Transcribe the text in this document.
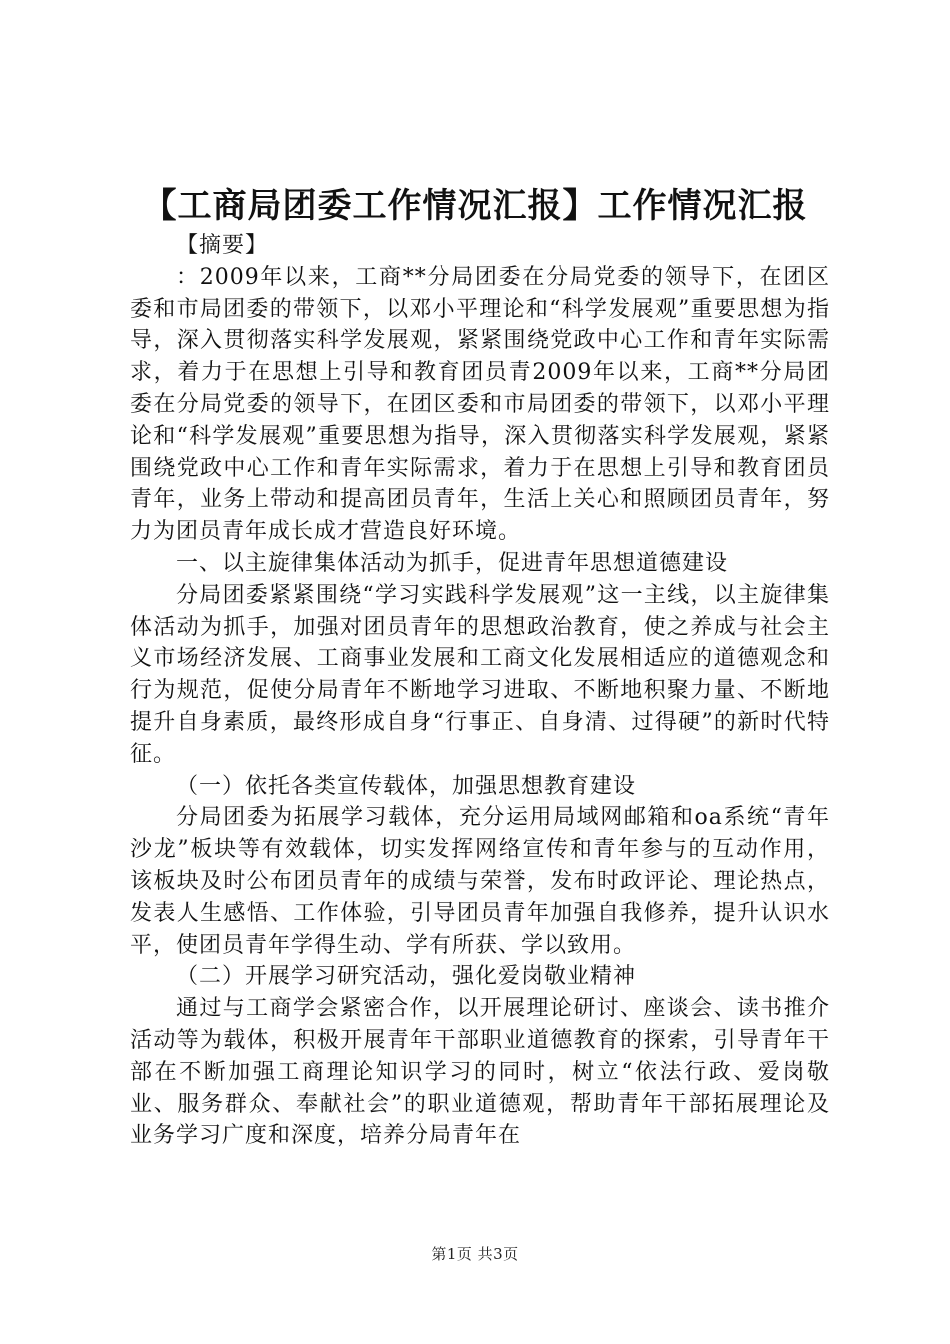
【工商局团委工作情况汇报】工作情况汇报

【摘要】

：2009年以来，工商**分局团委在分局党委的领导下，在团区委和市局团委的带领下，以邓小平理论和“科学发展观”重要思想为指导，深入贯彻落实科学发展观，紧紧围绕党政中心工作和青年实际需求，着力于在思想上引导和教育团员青2009年以来，工商**分局团委在分局党委的领导下，在团区委和市局团委的带领下，以邓小平理论和“科学发展观”重要思想为指导，深入贯彻落实科学发展观，紧紧围绕党政中心工作和青年实际需求，着力于在思想上引导和教育团员青年，业务上带动和提高团员青年，生活上关心和照顾团员青年，努力为团员青年成长成才营造良好环境。

一、以主旋律集体活动为抓手，促进青年思想道德建设

分局团委紧紧围绕“学习实践科学发展观”这一主线，以主旋律集体活动为抓手，加强对团员青年的思想政治教育，使之养成与社会主义市场经济发展、工商事业发展和工商文化发展相适应的道德观念和行为规范，促使分局青年不断地学习进取、不断地积聚力量、不断地提升自身素质，最终形成自身“行事正、自身清、过得硬”的新时代特征。

（一）依托各类宣传载体，加强思想教育建设

分局团委为拓展学习载体，充分运用局域网邮箱和oa系统“青年沙龙”板块等有效载体，切实发挥网络宣传和青年参与的互动作用，该板块及时公布团员青年的成绩与荣誉，发布时政评论、理论热点，发表人生感悟、工作体验，引导团员青年加强自我修养，提升认识水平，使团员青年学得生动、学有所获、学以致用。

（二）开展学习研究活动，强化爱岗敬业精神

通过与工商学会紧密合作，以开展理论研讨、座谈会、读书推介活动等为载体，积极开展青年干部职业道德教育的探索，引导青年干部在不断加强工商理论知识学习的同时，树立“依法行政、爱岗敬业、服务群众、奉献社会”的职业道德观，帮助青年干部拓展理论及业务学习广度和深度，培养分局青年在

第1页 共3页
